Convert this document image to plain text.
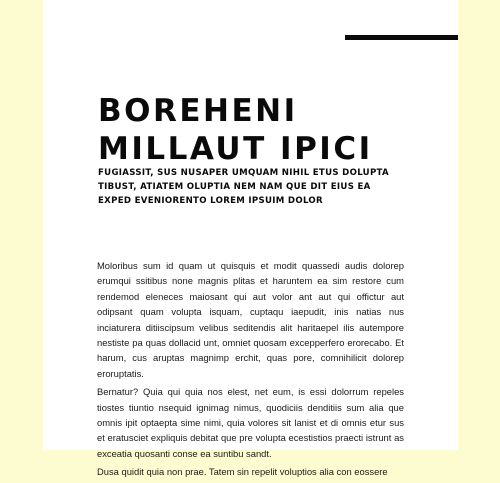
BOREHENI
MILLAUT IPICI

FUGIASSIT, SUS NUSAPER UMQUAM NIHIL ETUS DOLUPTA TIBUST, ATIATEM OLUPTIA NEM NAM QUE DIT EIUS EA EXPED EVENIORENTO LOREM IPSUIM DOLOR

Moloribus sum id quam ut quisquis et modit quassedi audis dolorep erumqui ssitibus none magnis plitas et haruntem ea sim restore cum rendemod eleneces maiosant qui aut volor ant aut qui offictur aut odipsant quam volupta isquam, cuptaqu iaepudit, inis natias nus inciaturera ditiiscipsum velibus seditendis alit haritaepel ilis autempore nestiste pa quas dollacid unt, omniet quosam excepperfero erorecabo. Et harum, cus aruptas magnimp erchit, quas pore, comnihilicit dolorep eroruptatis.

Bernatur? Quia qui quia nos elest, net eum, is essi dolorrum repeles tiostes tiuntio nsequid ignimag nimus, quodiciis denditiis sum alia que omnis ipit optaepta sime nimi, quia volores sit lanist et di omnis etur sus et eratusciet expliquis debitat que pre volupta ecestistios praecti istrunt as exceatia quosanti conse ea suntibu sandt.

Dusa quidit quia non prae. Tatem sin repelit voluptios alia con eossere
